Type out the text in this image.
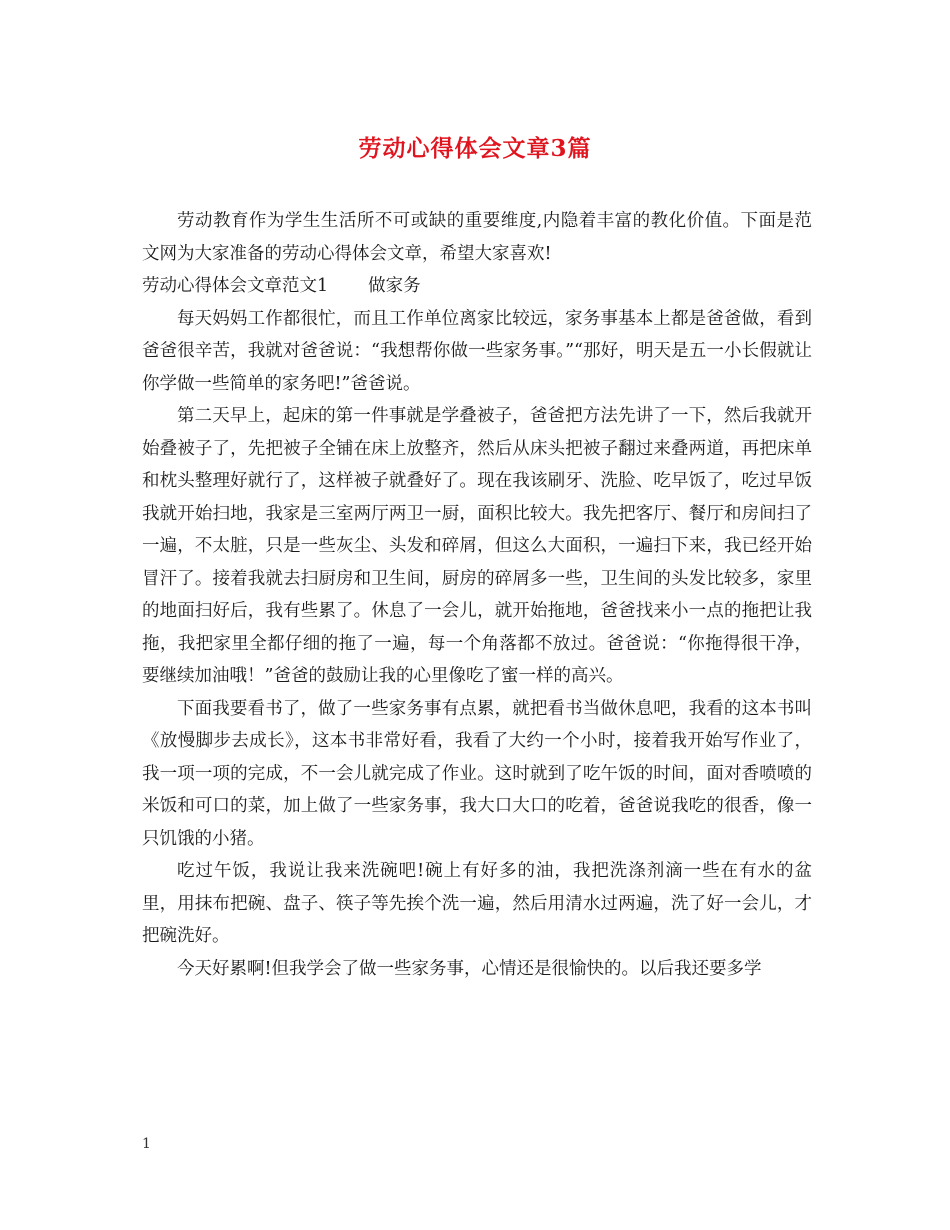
劳动心得体会文章3篇

劳动教育作为学生生活所不可或缺的重要维度,内隐着丰富的教化价值。下面是范文网为大家准备的劳动心得体会文章，希望大家喜欢!

劳动心得体会文章范文1 做家务

每天妈妈工作都很忙，而且工作单位离家比较远，家务事基本上都是爸爸做，看到爸爸很辛苦，我就对爸爸说：“我想帮你做一些家务事。”“那好，明天是五一小长假就让你学做一些简单的家务吧!”爸爸说。

第二天早上，起床的第一件事就是学叠被子，爸爸把方法先讲了一下，然后我就开始叠被子了，先把被子全铺在床上放整齐，然后从床头把被子翻过来叠两道，再把床单和枕头整理好就行了，这样被子就叠好了。现在我该刷牙、洗脸、吃早饭了，吃过早饭我就开始扫地，我家是三室两厅两卫一厨，面积比较大。我先把客厅、餐厅和房间扫了一遍，不太脏，只是一些灰尘、头发和碎屑，但这么大面积，一遍扫下来，我已经开始冒汗了。接着我就去扫厨房和卫生间，厨房的碎屑多一些，卫生间的头发比较多，家里的地面扫好后，我有些累了。休息了一会儿，就开始拖地，爸爸找来小一点的拖把让我拖，我把家里全都仔细的拖了一遍，每一个角落都不放过。爸爸说：“你拖得很干净，要继续加油哦！”爸爸的鼓励让我的心里像吃了蜜一样的高兴。

下面我要看书了，做了一些家务事有点累，就把看书当做休息吧，我看的这本书叫《放慢脚步去成长》，这本书非常好看，我看了大约一个小时，接着我开始写作业了，我一项一项的完成，不一会儿就完成了作业。这时就到了吃午饭的时间，面对香喷喷的米饭和可口的菜，加上做了一些家务事，我大口大口的吃着，爸爸说我吃的很香，像一只饥饿的小猪。

吃过午饭，我说让我来洗碗吧!碗上有好多的油，我把洗涤剂滴一些在有水的盆里，用抹布把碗、盘子、筷子等先挨个洗一遍，然后用清水过两遍，洗了好一会儿，才把碗洗好。

今天好累啊!但我学会了做一些家务事，心情还是很愉快的。以后我还要多学

1
